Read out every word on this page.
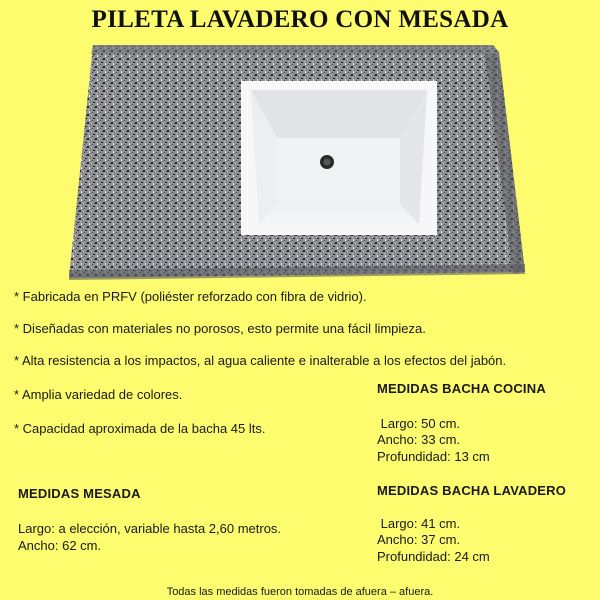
PILETA LAVADERO CON MESADA
* Fabricada en PRFV (poliéster reforzado con fibra de vidrio).
* Diseñadas con materiales no porosos, esto permite una fácil limpieza.
* Alta resistencia a los impactos, al agua caliente e inalterable a los efectos del jabón.
* Amplia variedad de colores.
* Capacidad aproximada de la bacha 45 lts.
MEDIDAS BACHA COCINA
Largo: 50 cm.
Ancho: 33 cm.
Profundidad: 13 cm
MEDIDAS MESADA
Largo: a elección, variable hasta 2,60 metros.
Ancho: 62 cm.
MEDIDAS BACHA LAVADERO
Largo: 41 cm.
Ancho: 37 cm.
Profundidad: 24 cm
Todas las medidas fueron tomadas de afuera – afuera.
